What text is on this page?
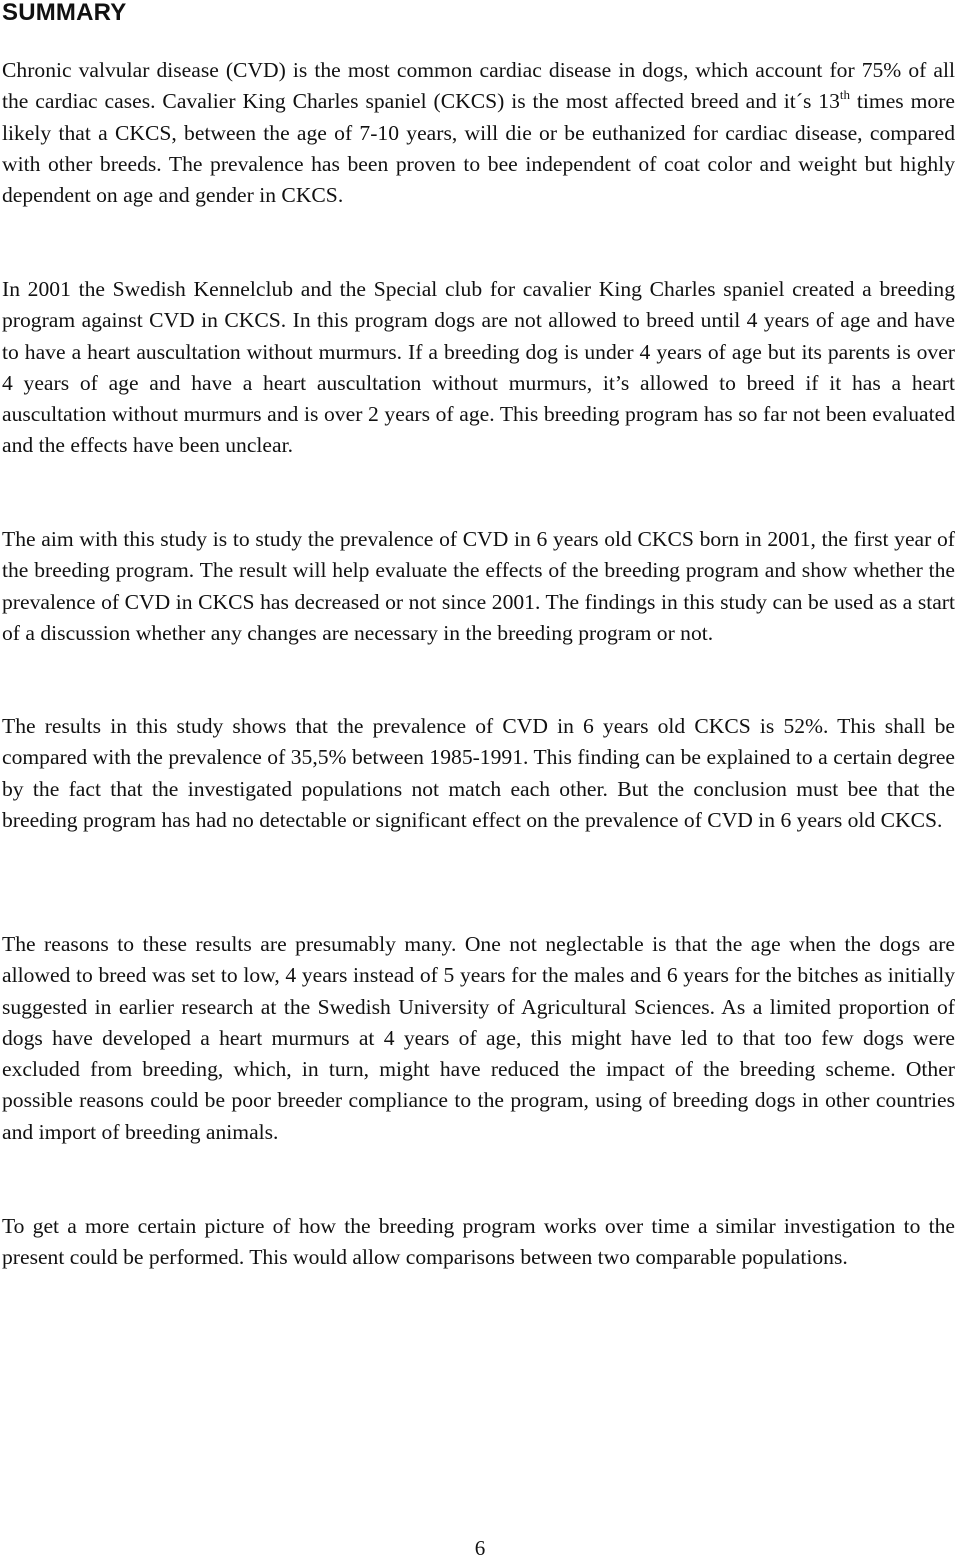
SUMMARY

Chronic valvular disease (CVD) is the most common cardiac disease in dogs, which account for 75% of all the cardiac cases. Cavalier King Charles spaniel (CKCS) is the most affected breed and it´s 13th times more likely that a CKCS, between the age of 7-10 years, will die or be euthanized for cardiac disease, compared with other breeds. The prevalence has been proven to bee independent of coat color and weight but highly dependent on age and gender in CKCS.

In 2001 the Swedish Kennelclub and the Special club for cavalier King Charles spaniel created a breeding program against CVD in CKCS. In this program dogs are not allowed to breed until 4 years of age and have to have a heart auscultation without murmurs. If a breeding dog is under 4 years of age but its parents is over 4 years of age and have a heart auscultation without murmurs, it’s allowed to breed if it has a heart auscultation without murmurs and is over 2 years of age. This breeding program has so far not been evaluated and the effects have been unclear.

The aim with this study is to study the prevalence of CVD in 6 years old CKCS born in 2001, the first year of the breeding program. The result will help evaluate the effects of the breeding program and show whether the prevalence of CVD in CKCS has decreased or not since 2001. The findings in this study can be used as a start of a discussion whether any changes are necessary in the breeding program or not.

The results in this study shows that the prevalence of CVD in 6 years old CKCS is 52%. This shall be compared with the prevalence of 35,5% between 1985-1991. This finding can be explained to a certain degree by the fact that the investigated populations not match each other. But the conclusion must bee that the breeding program has had no detectable or significant effect on the prevalence of CVD in 6 years old CKCS.

The reasons to these results are presumably many. One not neglectable is that the age when the dogs are allowed to breed was set to low, 4 years instead of 5 years for the males and 6 years for the bitches as initially suggested in earlier research at the Swedish University of Agricultural Sciences. As a limited proportion of dogs have developed a heart murmurs at 4 years of age, this might have led to that too few dogs were excluded from breeding, which, in turn, might have reduced the impact of the breeding scheme. Other possible reasons could be poor breeder compliance to the program, using of breeding dogs in other countries and import of breeding animals.

To get a more certain picture of how the breeding program works over time a similar investigation to the present could be performed. This would allow comparisons between two comparable populations.

6
